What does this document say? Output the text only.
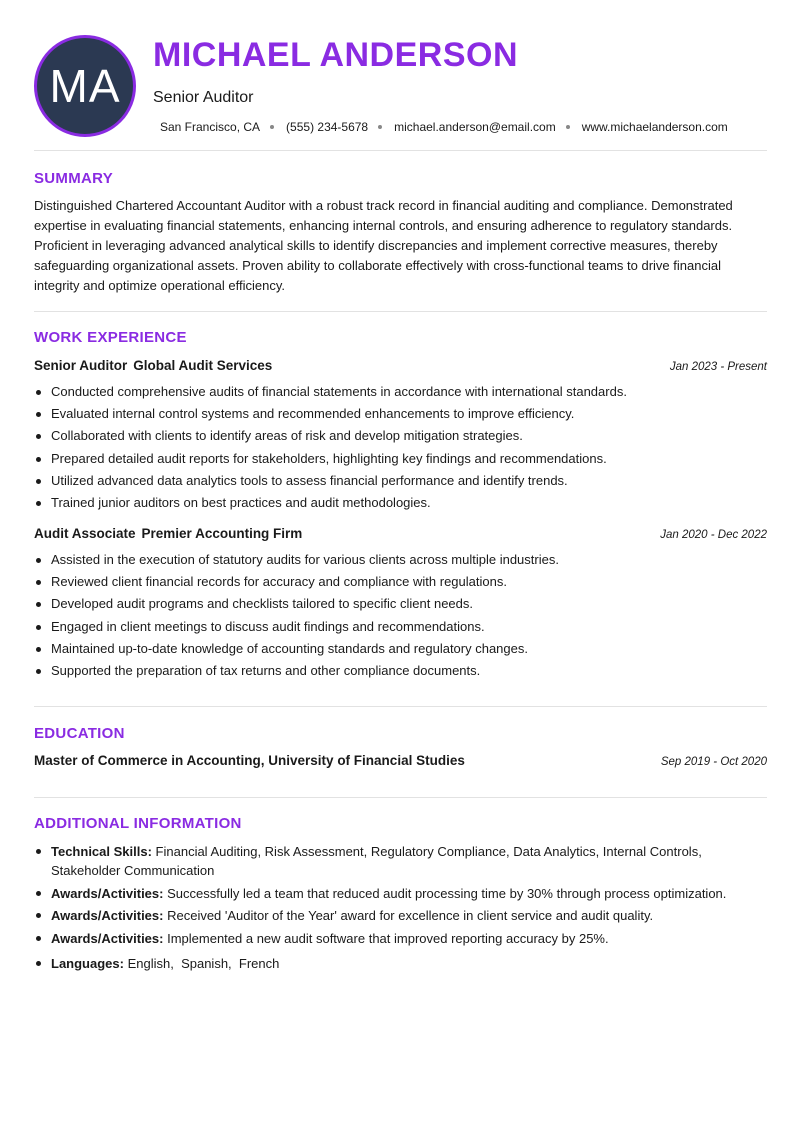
MA
MICHAEL ANDERSON
Senior Auditor
San Francisco, CA (555) 234-5678 michael.anderson@email.com www.michaelanderson.com
SUMMARY

Distinguished Chartered Accountant Auditor with a robust track record in financial auditing and compliance. Demonstrated expertise in evaluating financial statements, enhancing internal controls, and ensuring adherence to regulatory standards. Proficient in leveraging advanced analytical skills to identify discrepancies and implement corrective measures, thereby safeguarding organizational assets. Proven ability to collaborate effectively with cross-functional teams to drive financial integrity and optimize operational efficiency.

WORK EXPERIENCE
Senior Auditor Global Audit Services	Jan 2023 - Present
Conducted comprehensive audits of financial statements in accordance with international standards.
Evaluated internal control systems and recommended enhancements to improve efficiency.
Collaborated with clients to identify areas of risk and develop mitigation strategies.
Prepared detailed audit reports for stakeholders, highlighting key findings and recommendations.
Utilized advanced data analytics tools to assess financial performance and identify trends.
Trained junior auditors on best practices and audit methodologies.
Audit Associate Premier Accounting Firm	Jan 2020 - Dec 2022
Assisted in the execution of statutory audits for various clients across multiple industries.
Reviewed client financial records for accuracy and compliance with regulations.
Developed audit programs and checklists tailored to specific client needs.
Engaged in client meetings to discuss audit findings and recommendations.
Maintained up-to-date knowledge of accounting standards and regulatory changes.
Supported the preparation of tax returns and other compliance documents.
EDUCATION
Master of Commerce in Accounting, University of Financial Studies	Sep 2019 - Oct 2020
ADDITIONAL INFORMATION
Technical Skills: Financial Auditing, Risk Assessment, Regulatory Compliance, Data Analytics, Internal Controls, Stakeholder Communication
Awards/Activities: Successfully led a team that reduced audit processing time by 30% through process optimization.
Awards/Activities: Received 'Auditor of the Year' award for excellence in client service and audit quality.
Awards/Activities: Implemented a new audit software that improved reporting accuracy by 25%.
Languages: English,  Spanish,  French
